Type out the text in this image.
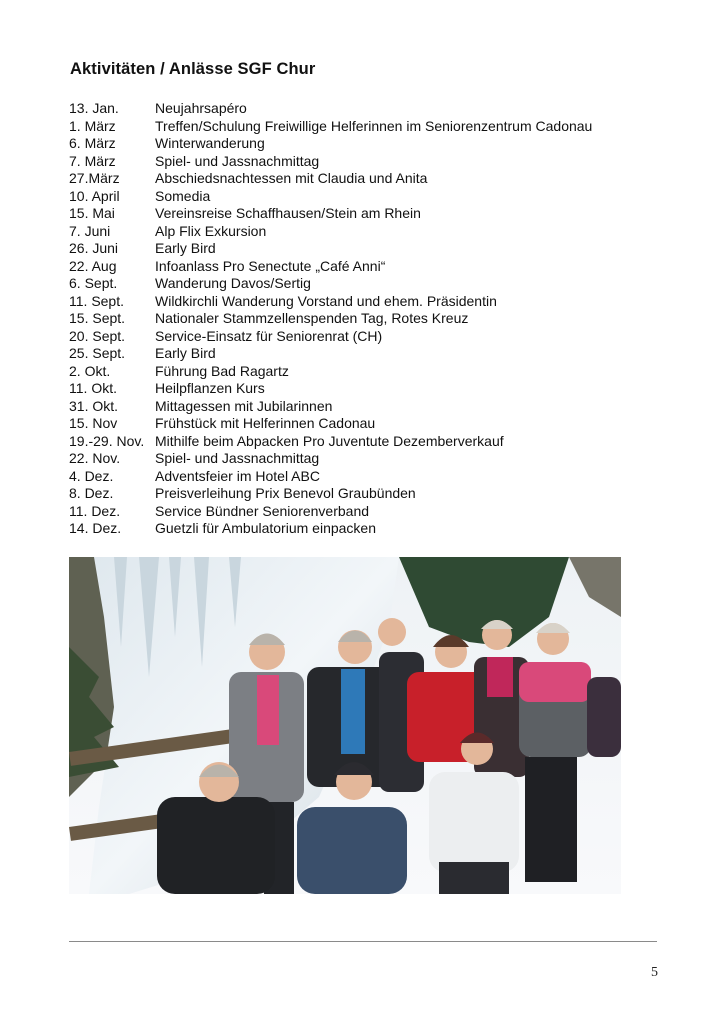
Aktivitäten / Anlässe SGF Chur
13. Jan.	Neujahrsapéro
1. März	Treffen/Schulung Freiwillige Helferinnen im Seniorenzentrum Cadonau
6. März	Winterwanderung
7. März	Spiel- und Jassnachmittag
27.März	Abschiedsnachtessen mit Claudia und Anita
10. April	Somedia
15. Mai	Vereinsreise Schaffhausen/Stein am Rhein
7. Juni	Alp Flix Exkursion
26. Juni	Early Bird
22. Aug	Infoanlass Pro Senectute „Café Anni“
6. Sept.	Wanderung Davos/Sertig
11. Sept.	Wildkirchli Wanderung Vorstand und ehem. Präsidentin
15. Sept.	Nationaler Stammzellenspenden Tag, Rotes Kreuz
20. Sept.	Service-Einsatz für Seniorenrat (CH)
25. Sept.	Early Bird
2. Okt.	Führung Bad Ragartz
11. Okt.	Heilpflanzen Kurs
31. Okt.	Mittagessen mit Jubilarinnen
15. Nov	Frühstück mit Helferinnen Cadonau
19.-29. Nov. Mithilfe beim Abpacken Pro Juventute Dezemberverkauf
22. Nov.	Spiel- und Jassnachmittag
4. Dez.	Adventsfeier im Hotel ABC
8. Dez.	Preisverleihung Prix Benevol Graubünden
11. Dez.	Service Bündner Seniorenverband
14. Dez.	Guetzli für Ambulatorium einpacken
5
